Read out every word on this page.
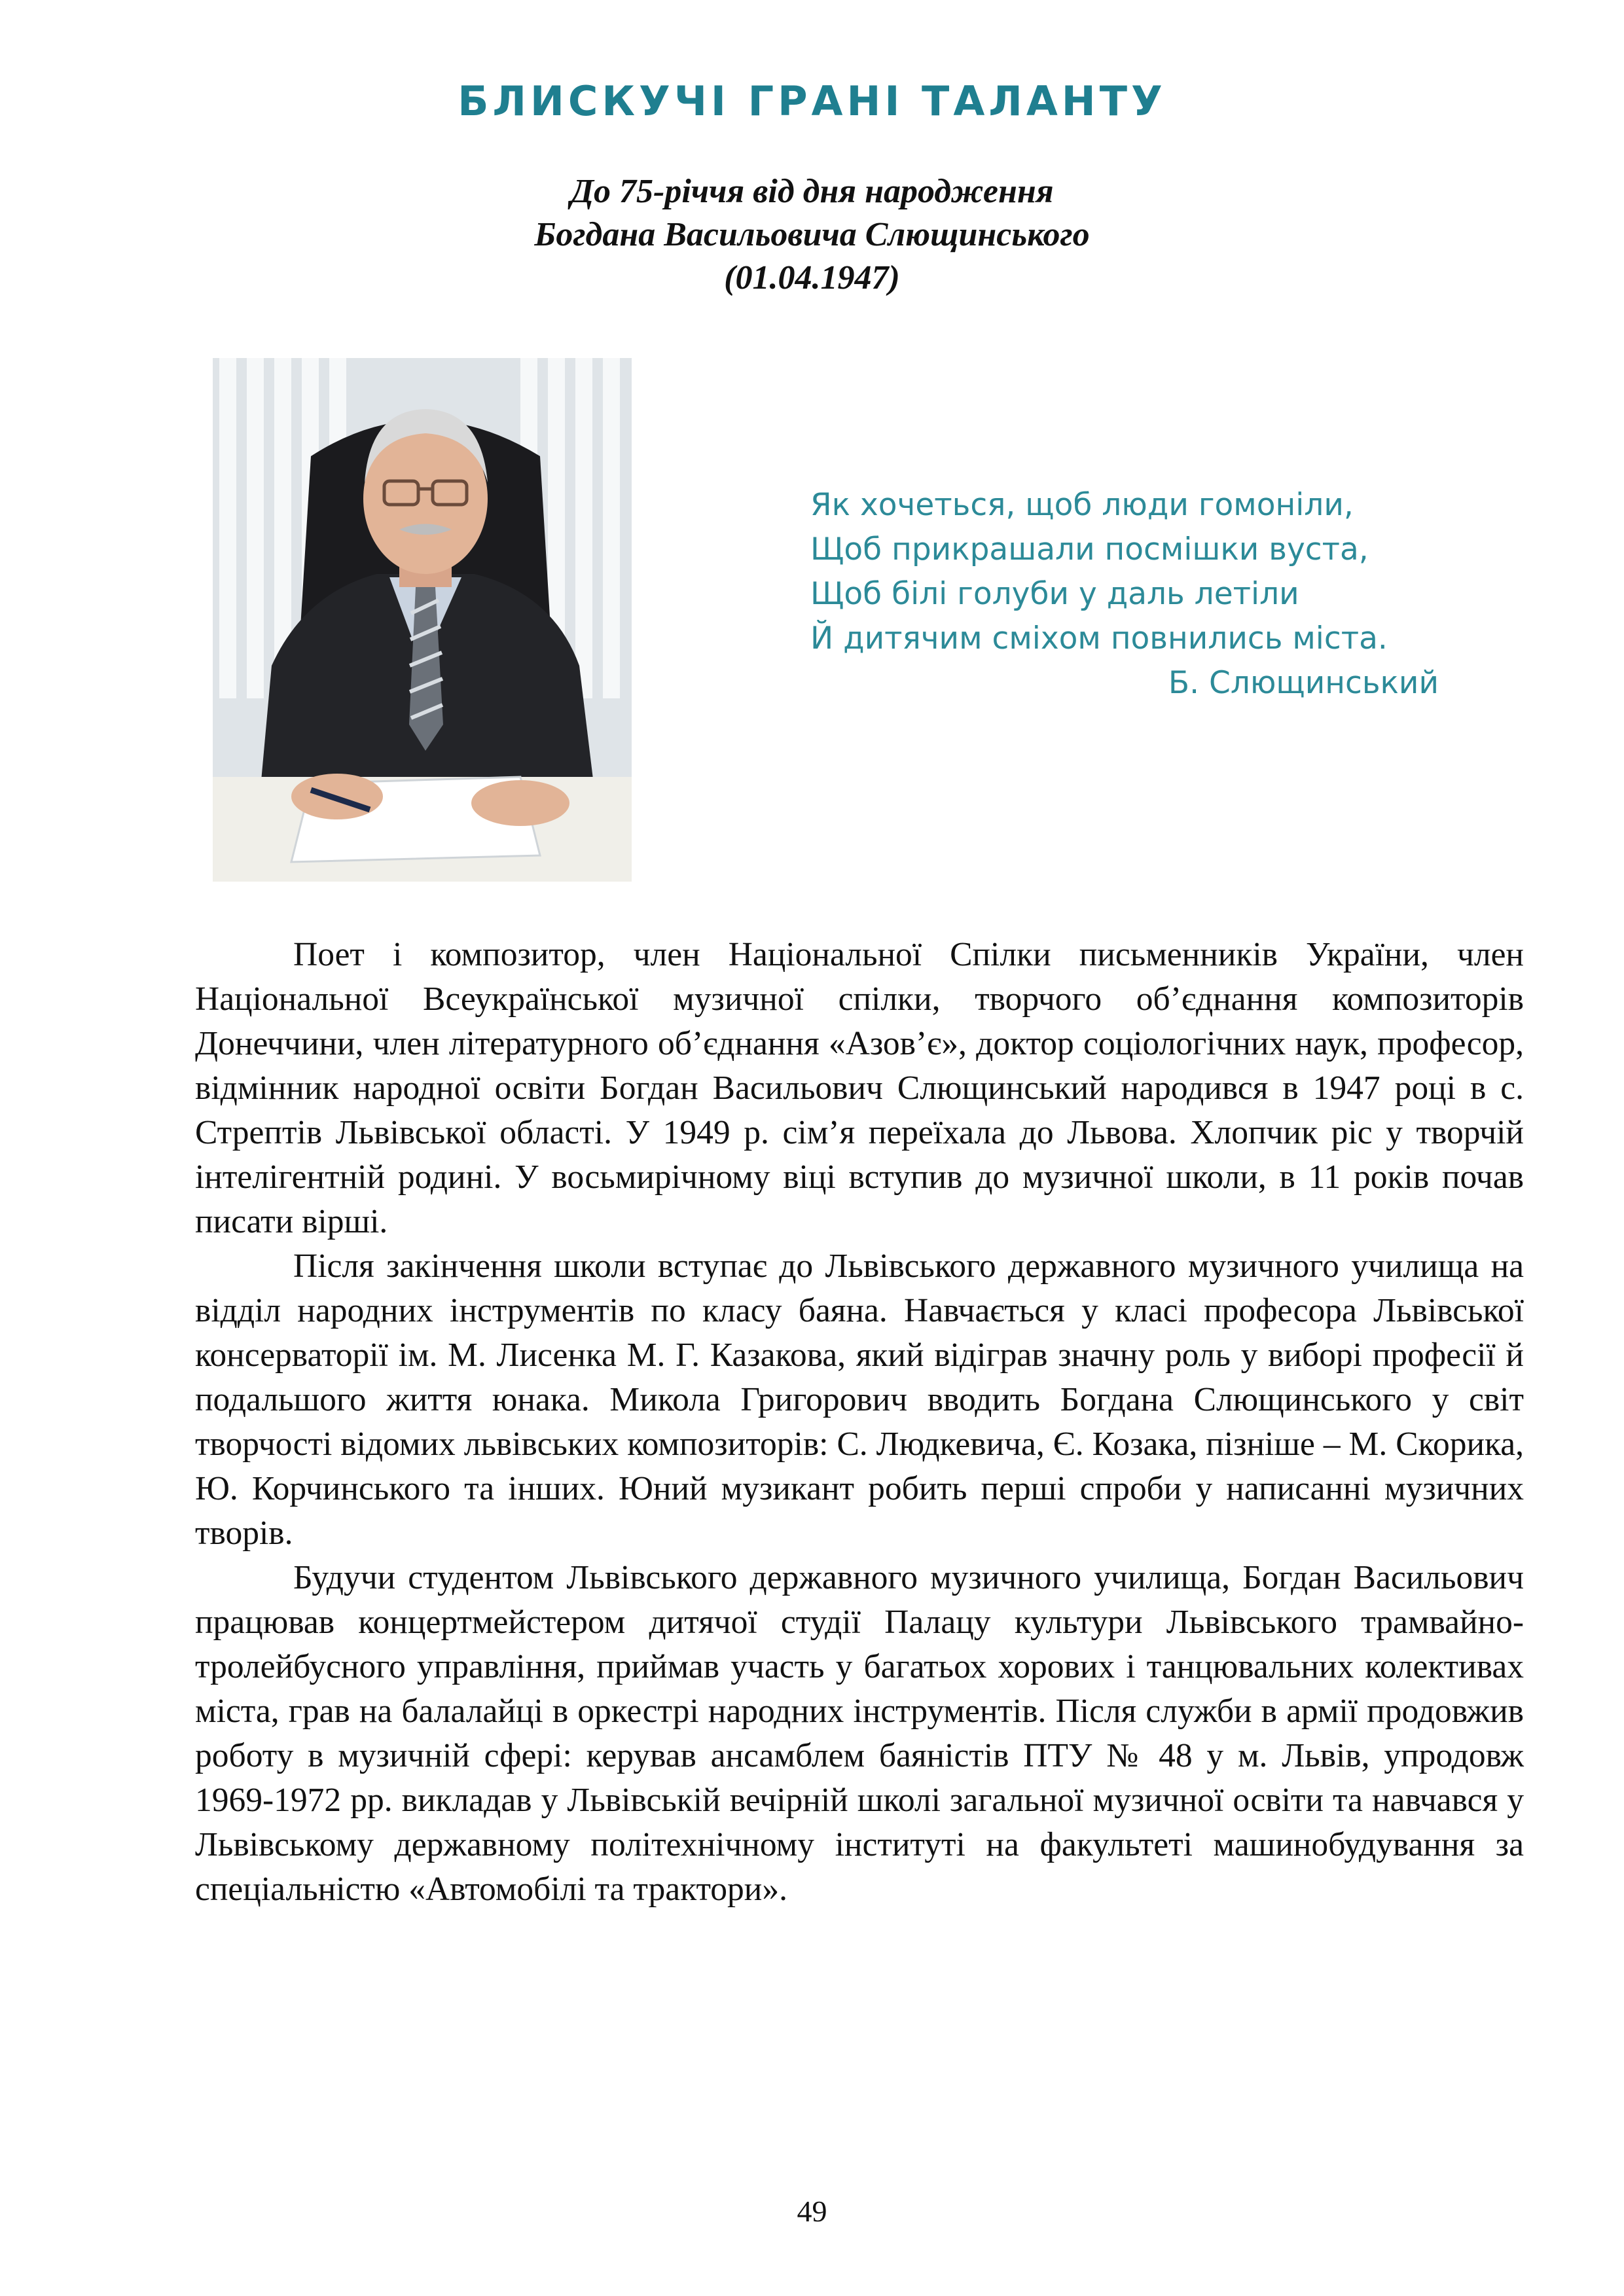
БЛИСКУЧІ ГРАНІ ТАЛАНТУ
До 75-річчя від дня народження
Богдана Васильовича Слющинського
(01.04.1947)
Як хочеться, щоб люди гомоніли,
Щоб прикрашали посмішки вуста,
Щоб білі голуби у даль летіли
Й дитячим сміхом повнились міста.
Б. Слющинський

Поет і композитор, член Національної Спілки письменників України, член Національної Всеукраїнської музичної спілки, творчого об’єднання композиторів Донеччини, член літературного об’єднання «Азов’є», доктор соціологічних наук, професор, відмінник народної освіти Богдан Васильович Слющинський народився в 1947 році в с. Стрептів Львівської області. У 1949 р. сім’я переїхала до Львова. Хлопчик ріс у творчій інтелігентній родині. У восьмирічному віці вступив до музичної школи, в 11 років почав писати вірші.

Після закінчення школи вступає до Львівського державного музичного училища на відділ народних інструментів по класу баяна. Навчається у класі професора Львівської консерваторії ім. М. Лисенка М. Г. Казакова, який відіграв значну роль у виборі професії й подальшого життя юнака. Микола Григорович вводить Богдана Слющинського у світ творчості відомих львівських композиторів: С. Людкевича, Є. Козака, пізніше – М. Скорика, Ю. Корчинського та інших. Юний музикант робить перші спроби у написанні музичних творів.

Будучи студентом Львівського державного музичного училища, Богдан Васильович працював концертмейстером дитячої студії Палацу культури Львівського трамвайно-тролейбусного управління, приймав участь у багатьох хорових і танцювальних колективах міста, грав на балалайці в оркестрі народних інструментів. Після служби в армії продовжив роботу в музичній сфері: керував ансамблем баяністів ПТУ № 48 у м. Львів, упродовж 1969-1972 рр. викладав у Львівській вечірній школі загальної музичної освіти та навчався у Львівському державному політехнічному інституті на факультеті машинобудування за спеціальністю «Автомобілі та трактори».

49
